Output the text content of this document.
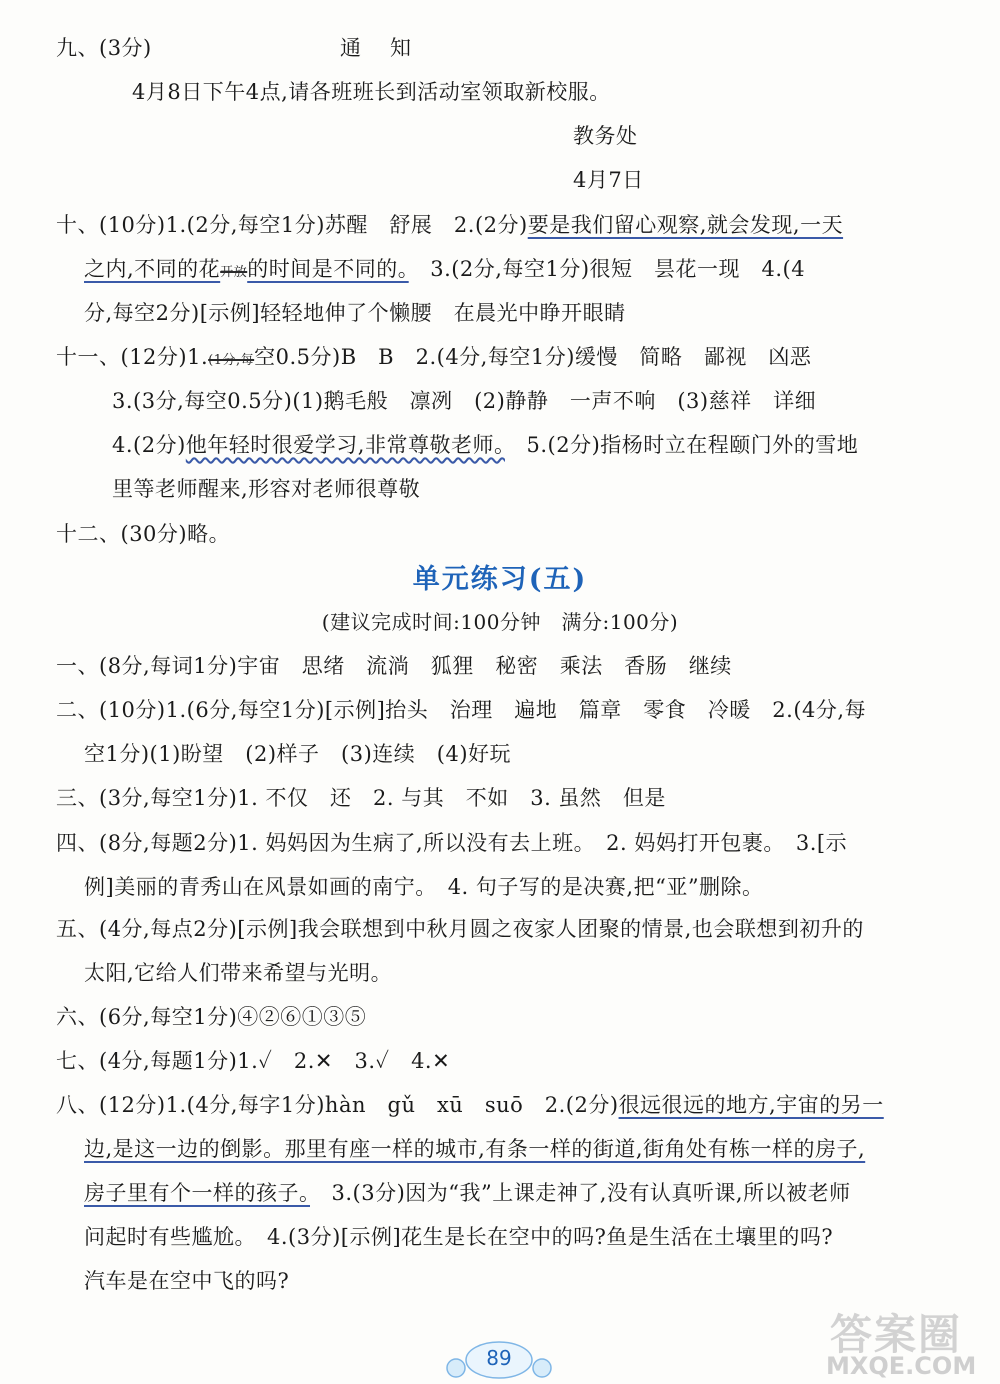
九、(3分)	通　知
4月8日下午4点,请各班班长到活动室领取新校服。
教务处
4月7日
十、(10分)1.(2分,每空1分)苏醒　舒展　2.(2分)要是我们留心观察,就会发现,一天
之内,不同的花开放的时间是不同的。　3.(2分,每空1分)很短　昙花一现　4.(4
分,每空2分)[示例]轻轻地伸了个懒腰　在晨光中睁开眼睛
十一、(12分)1.(1分,每空0.5分)B　B　2.(4分,每空1分)缓慢　简略　鄙视　凶恶
3.(3分,每空0.5分)(1)鹅毛般　凛冽　(2)静静　一声不响　(3)慈祥　详细
4.(2分)他年轻时很爱学习,非常尊敬老师。　5.(2分)指杨时立在程颐门外的雪地
里等老师醒来,形容对老师很尊敬
十二、(30分)略。
单元练习(五)
(建议完成时间:100分钟　满分:100分)
一、(8分,每词1分)宇宙　思绪　流淌　狐狸　秘密　乘法　香肠　继续
二、(10分)1.(6分,每空1分)[示例]抬头　治理　遍地　篇章　零食　冷暖　2.(4分,每
空1分)(1)盼望　(2)样子　(3)连续　(4)好玩
三、(3分,每空1分)1. 不仅　还　2. 与其　不如　3. 虽然　但是
四、(8分,每题2分)1. 妈妈因为生病了,所以没有去上班。　2. 妈妈打开包裹。　3.[示
例]美丽的青秀山在风景如画的南宁。　4. 句子写的是决赛,把“亚”删除。
五、(4分,每点2分)[示例]我会联想到中秋月圆之夜家人团聚的情景,也会联想到初升的
太阳,它给人们带来希望与光明。
六、(6分,每空1分)④②⑥①③⑤
七、(4分,每题1分)1.✓　2.✕　3.✓　4.✕
八、(12分)1.(4分,每字1分)hàn　gǔ　xū　suō　2.(2分)很远很远的地方,宇宙的另一
边,是这一边的倒影。那里有座一样的城市,有条一样的街道,街角处有栋一样的房子,
房子里有个一样的孩子。　3.(3分)因为“我”上课走神了,没有认真听课,所以被老师
问起时有些尴尬。　4.(3分)[示例]花生是长在空中的吗?鱼是生活在土壤里的吗?
汽车是在空中飞的吗?
89	答案圈
MXQE.COM
